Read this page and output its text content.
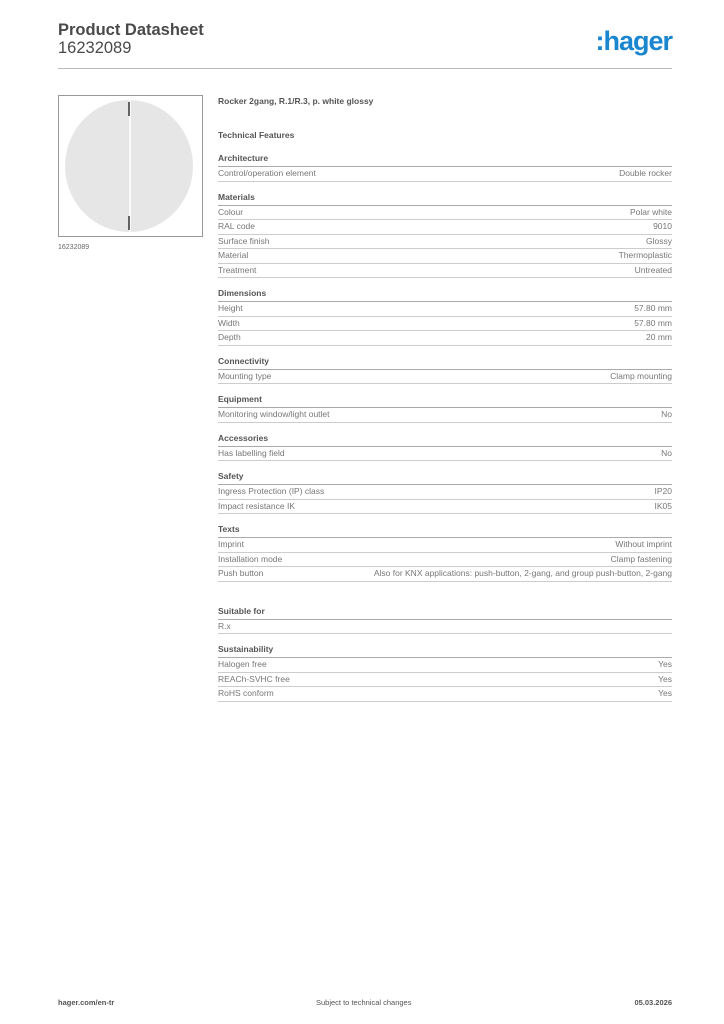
Product Datasheet
16232089	:hager
16232089
Rocker 2gang, R.1/R.3, p. white glossy
Technical Features
Architecture
Control/operation element	Double rocker
Materials
Colour	Polar white
RAL code	9010
Surface finish	Glossy
Material	Thermoplastic
Treatment	Untreated
Dimensions
Height	57.80 mm
Width	57.80 mm
Depth	20 mm
Connectivity
Mounting type	Clamp mounting
Equipment
Monitoring window/light outlet	No
Accessories
Has labelling field	No
Safety
Ingress Protection (IP) class	IP20
Impact resistance IK	IK05
Texts
Imprint	Without imprint
Installation mode	Clamp fastening
Push button	Also for KNX applications: push-button, 2-gang, and group push-button, 2-gang
Suitable for
R.x
Sustainability
Halogen free	Yes
REACh-SVHC free	Yes
RoHS conform	Yes
hager.com/en-tr	Subject to technical changes	05.03.2026
